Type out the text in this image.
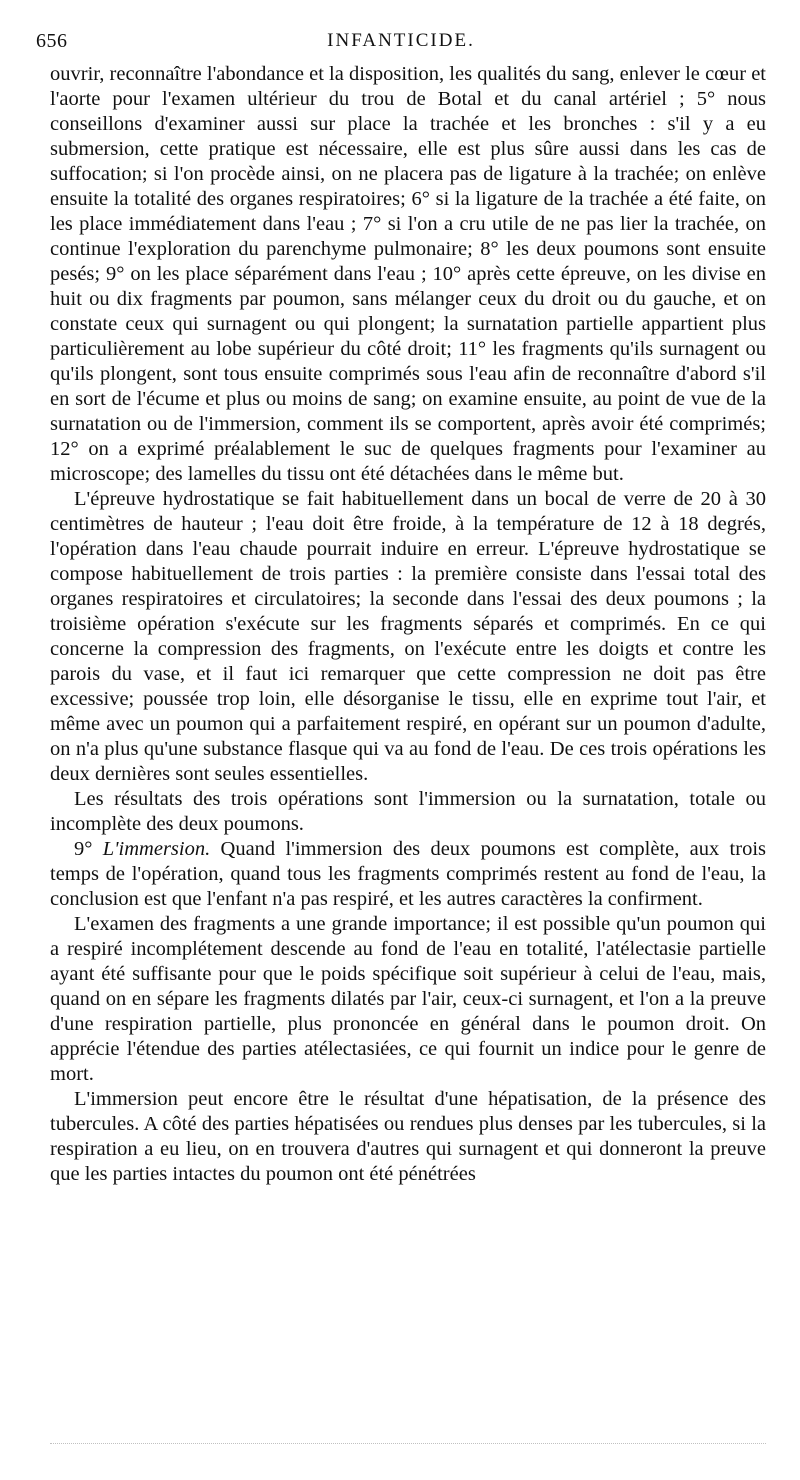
656	INFANTICIDE.

ouvrir, reconnaître l'abondance et la disposition, les qualités du sang, enlever le cœur et l'aorte pour l'examen ultérieur du trou de Botal et du canal artériel ; 5° nous conseillons d'examiner aussi sur place la trachée et les bronches : s'il y a eu submersion, cette pratique est nécessaire, elle est plus sûre aussi dans les cas de suffocation; si l'on procède ainsi, on ne placera pas de ligature à la trachée; on enlève ensuite la totalité des organes respiratoires; 6° si la ligature de la trachée a été faite, on les place immédiatement dans l'eau ; 7° si l'on a cru utile de ne pas lier la trachée, on continue l'exploration du parenchyme pulmonaire; 8° les deux poumons sont ensuite pesés; 9° on les place séparément dans l'eau ; 10° après cette épreuve, on les divise en huit ou dix fragments par poumon, sans mélanger ceux du droit ou du gauche, et on constate ceux qui surnagent ou qui plongent; la surnatation partielle appartient plus particulièrement au lobe supérieur du côté droit; 11° les fragments qu'ils surnagent ou qu'ils plongent, sont tous ensuite comprimés sous l'eau afin de reconnaître d'abord s'il en sort de l'écume et plus ou moins de sang; on examine ensuite, au point de vue de la surnatation ou de l'immersion, comment ils se comportent, après avoir été comprimés; 12° on a exprimé préalablement le suc de quelques fragments pour l'examiner au microscope; des lamelles du tissu ont été détachées dans le même but.

L'épreuve hydrostatique se fait habituellement dans un bocal de verre de 20 à 30 centimètres de hauteur ; l'eau doit être froide, à la température de 12 à 18 degrés, l'opération dans l'eau chaude pourrait induire en erreur. L'épreuve hydrostatique se compose habituellement de trois parties : la première consiste dans l'essai total des organes respiratoires et circulatoires; la seconde dans l'essai des deux poumons ; la troisième opération s'exécute sur les fragments séparés et comprimés. En ce qui concerne la compression des fragments, on l'exécute entre les doigts et contre les parois du vase, et il faut ici remarquer que cette compression ne doit pas être excessive; poussée trop loin, elle désorganise le tissu, elle en exprime tout l'air, et même avec un poumon qui a parfaitement respiré, en opérant sur un poumon d'adulte, on n'a plus qu'une substance flasque qui va au fond de l'eau. De ces trois opérations les deux dernières sont seules essentielles.

Les résultats des trois opérations sont l'immersion ou la surnatation, totale ou incomplète des deux poumons.

9° L'immersion. Quand l'immersion des deux poumons est complète, aux trois temps de l'opération, quand tous les fragments comprimés restent au fond de l'eau, la conclusion est que l'enfant n'a pas respiré, et les autres caractères la confirment.

L'examen des fragments a une grande importance; il est possible qu'un poumon qui a respiré incomplétement descende au fond de l'eau en totalité, l'atélectasie partielle ayant été suffisante pour que le poids spécifique soit supérieur à celui de l'eau, mais, quand on en sépare les fragments dilatés par l'air, ceux-ci surnagent, et l'on a la preuve d'une respiration partielle, plus prononcée en général dans le poumon droit. On apprécie l'étendue des parties atélectasiées, ce qui fournit un indice pour le genre de mort.

L'immersion peut encore être le résultat d'une hépatisation, de la présence des tubercules. A côté des parties hépatisées ou rendues plus denses par les tubercules, si la respiration a eu lieu, on en trouvera d'autres qui surnagent et qui donneront la preuve que les parties intactes du poumon ont été pénétrées
